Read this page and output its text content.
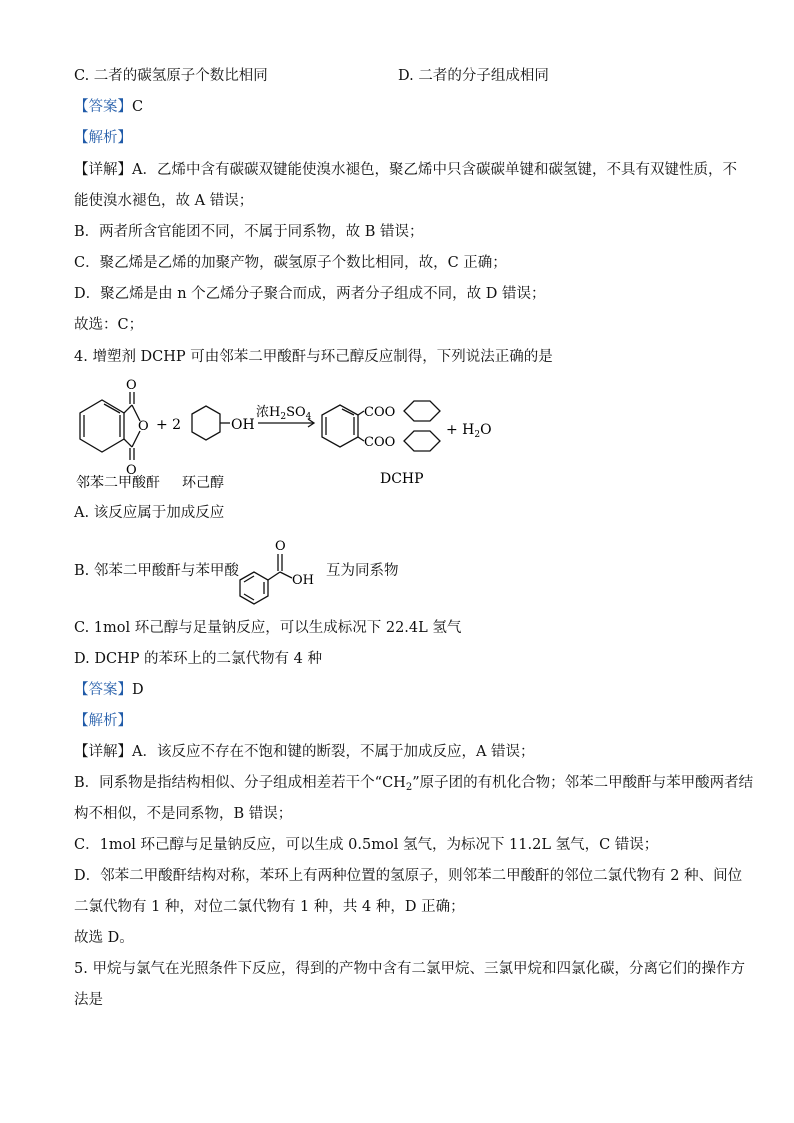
C. 二者的碳氢原子个数比相同	D. 二者的分子组成相同
【答案】C
【解析】
【详解】A．乙烯中含有碳碳双键能使溴水褪色，聚乙烯中只含碳碳单键和碳氢键，不具有双键性质，不
能使溴水褪色，故 A 错误；
B．两者所含官能团不同，不属于同系物，故 B 错误；
C．聚乙烯是乙烯的加聚产物，碳氢原子个数比相同，故，C 正确；
D．聚乙烯是由 n 个乙烯分子聚合而成，两者分子组成不同，故 D 错误；
故选：C；
4. 增塑剂 DCHP 可由邻苯二甲酸酐与环己醇反应制得，下列说法正确的是
O
O
O
+ 2	OH
浓$H_2SO_4$	COO
COO
+ $H_2O$
邻苯二甲酸酐 环己醇	DCHP
A. 该反应属于加成反应
B. 邻苯二甲酸酐与苯甲酸
O
OH
互为同系物
C. 1mol 环己醇与足量钠反应，可以生成标况下 22.4L 氢气
D. DCHP 的苯环上的二氯代物有 4 种
【答案】D
【解析】
【详解】A．该反应不存在不饱和键的断裂，不属于加成反应，A 错误；
B．同系物是指结构相似、分子组成相差若干个“$CH_2$”原子团的有机化合物；邻苯二甲酸酐与苯甲酸两者结
构不相似，不是同系物，B 错误；
C．1mol 环己醇与足量钠反应，可以生成 0.5mol 氢气，为标况下 11.2L 氢气，C 错误；
D．邻苯二甲酸酐结构对称，苯环上有两种位置的氢原子，则邻苯二甲酸酐的邻位二氯代物有 2 种、间位
二氯代物有 1 种，对位二氯代物有 1 种，共 4 种，D 正确；
故选 D。
5. 甲烷与氯气在光照条件下反应，得到的产物中含有二氯甲烷、三氯甲烷和四氯化碳，分离它们的操作方
法是
